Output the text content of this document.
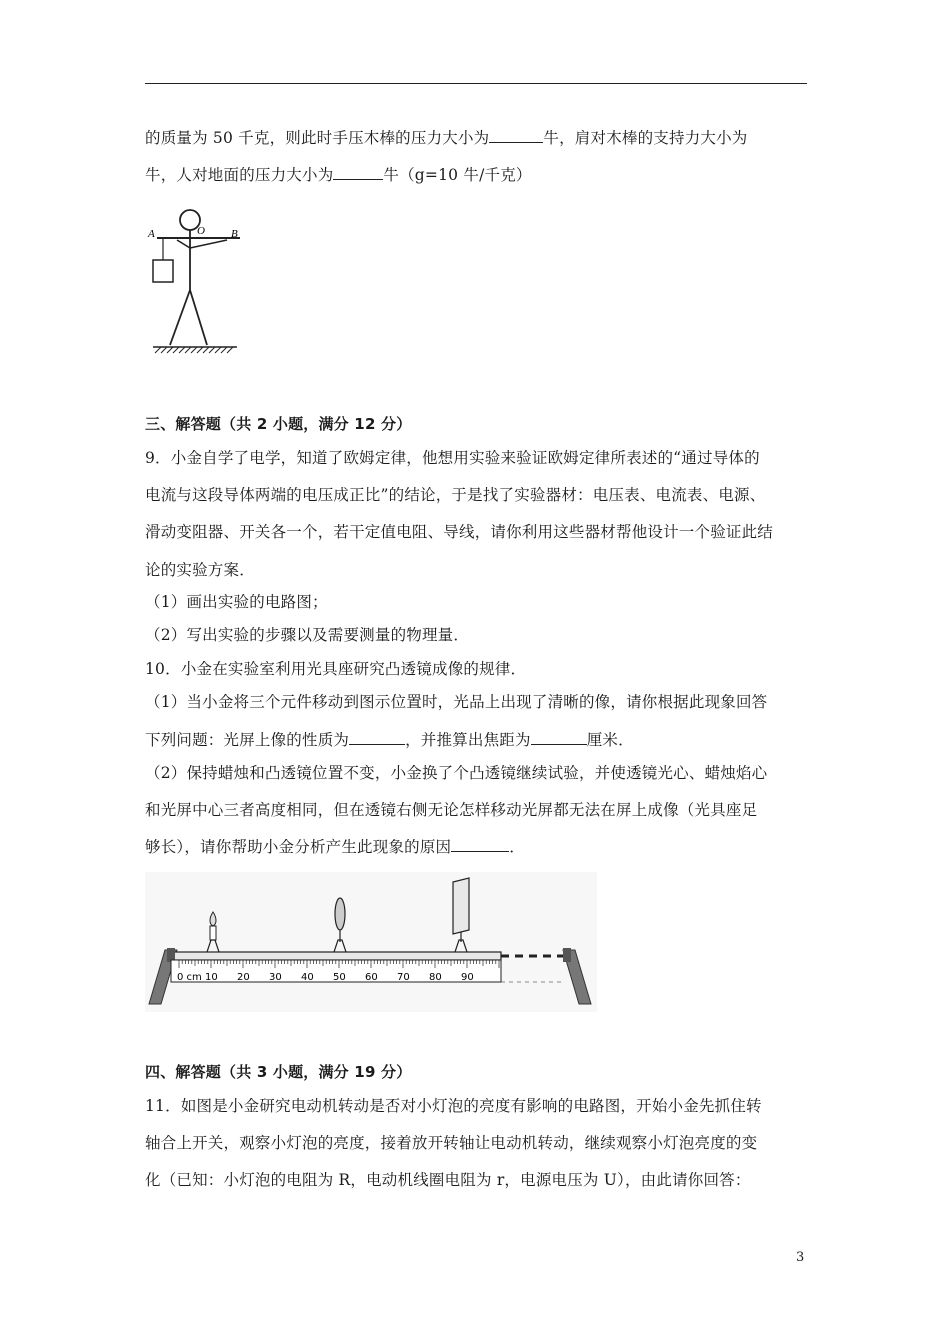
的质量为 50 千克，则此时手压木棒的压力大小为	牛，肩对木棒的支持力大小为
牛，人对地面的压力大小为	牛（g=10 牛/千克）
A	O B
三、解答题（共 2 小题，满分 12 分）
9．小金自学了电学，知道了欧姆定律，他想用实验来验证欧姆定律所表述的“通过导体的
电流与这段导体两端的电压成正比”的结论，于是找了实验器材：电压表、电流表、电源、
滑动变阻器、开关各一个，若干定值电阻、导线，请你利用这些器材帮他设计一个验证此结
论的实验方案．
（1）画出实验的电路图；
（2）写出实验的步骤以及需要测量的物理量．
10．小金在实验室利用光具座研究凸透镜成像的规律．
（1）当小金将三个元件移动到图示位置时，光品上出现了清晰的像，请你根据此现象回答
下列问题：光屏上像的性质为	，并推算出焦距为	厘米．
（2）保持蜡烛和凸透镜位置不变，小金换了个凸透镜继续试验，并使透镜光心、蜡烛焰心
和光屏中心三者高度相同，但在透镜右侧无论怎样移动光屏都无法在屏上成像（光具座足
够长），请你帮助小金分析产生此现象的原因	．
0 cm 10 20 30 40 50 60 70 80 90
四、解答题（共 3 小题，满分 19 分）
11．如图是小金研究电动机转动是否对小灯泡的亮度有影响的电路图，开始小金先抓住转
轴合上开关，观察小灯泡的亮度，接着放开转轴让电动机转动，继续观察小灯泡亮度的变
化（已知：小灯泡的电阻为 R，电动机线圈电阻为 r，电源电压为 U），由此请你回答：
3
